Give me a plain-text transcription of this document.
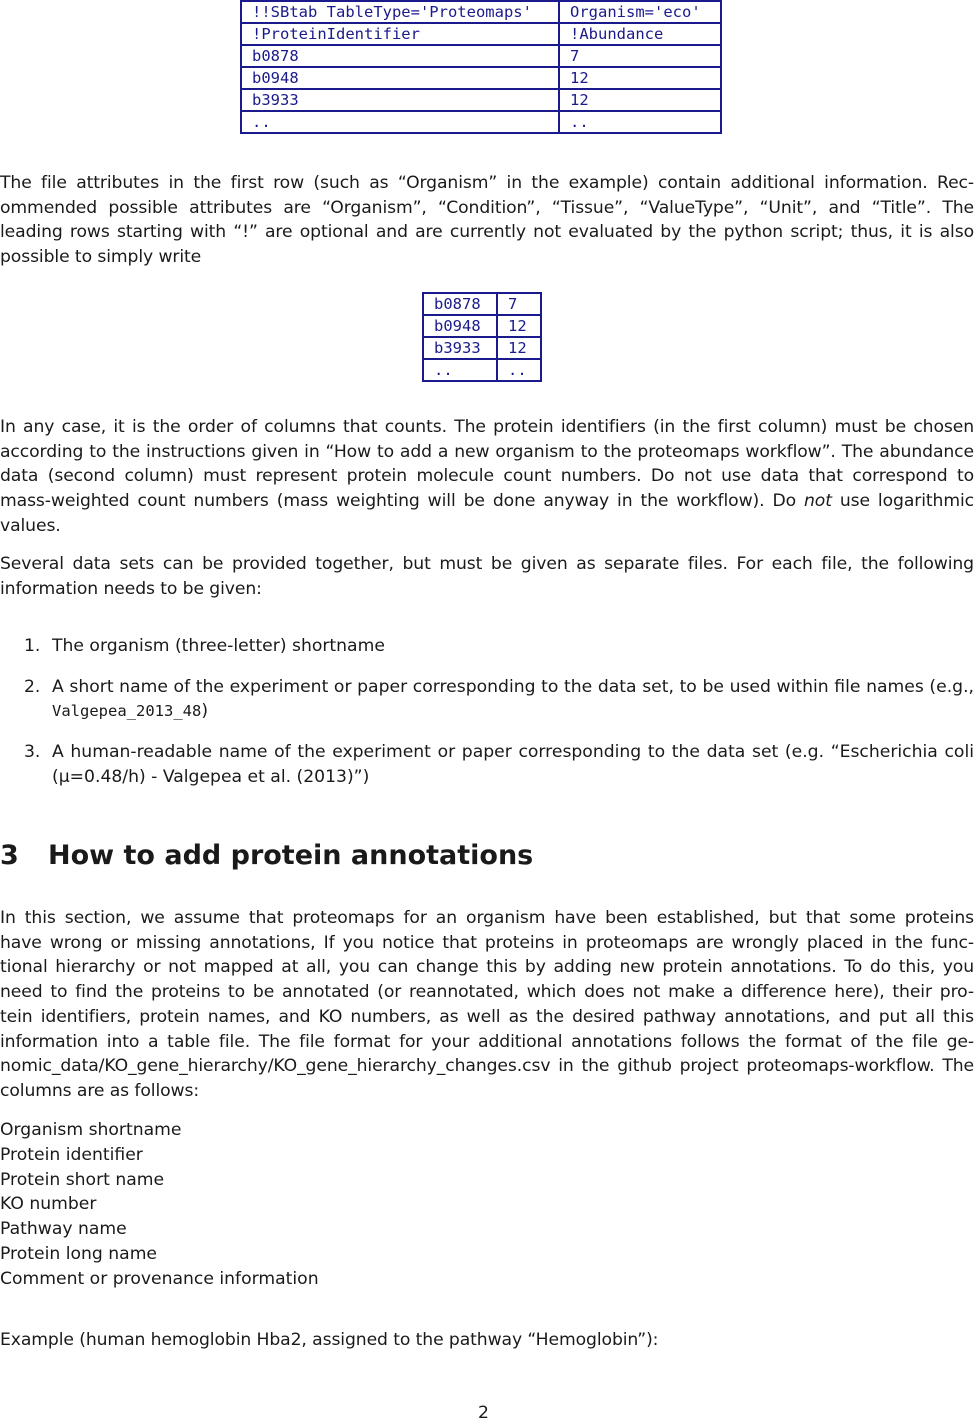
!!SBtab TableType='Proteomaps'	Organism='eco'
!ProteinIdentifier	!Abundance
b0878	7
b0948	12
b3933	12
..	..
The file attributes in the first row (such as “Organism” in the example) contain additional information. Rec-
ommended possible attributes are “Organism”, “Condition”, “Tissue”, “ValueType”, “Unit”, and “Title”. The
leading rows starting with “!” are optional and are currently not evaluated by the python script; thus, it is also
possible to simply write
b0878	7
b0948	12
b3933	12
..	..
In any case, it is the order of columns that counts. The protein identifiers (in the first column) must be chosen
according to the instructions given in “How to add a new organism to the proteomaps workflow”. The abundance
data (second column) must represent protein molecule count numbers. Do not use data that correspond to
mass-weighted count numbers (mass weighting will be done anyway in the workflow). Do not use logarithmic
values.
Several data sets can be provided together, but must be given as separate files. For each file, the following
information needs to be given:
1. The organism (three-letter) shortname
2. A short name of the experiment or paper corresponding to the data set, to be used within file names (e.g.,
Valgepea_2013_48)
3. A human-readable name of the experiment or paper corresponding to the data set (e.g. “Escherichia coli
(μ=0.48/h) - Valgepea et al. (2013)”)
3 How to add protein annotations
In this section, we assume that proteomaps for an organism have been established, but that some proteins
have wrong or missing annotations, If you notice that proteins in proteomaps are wrongly placed in the func-
tional hierarchy or not mapped at all, you can change this by adding new protein annotations. To do this, you
need to find the proteins to be annotated (or reannotated, which does not make a difference here), their pro-
tein identifiers, protein names, and KO numbers, as well as the desired pathway annotations, and put all this
information into a table file. The file format for your additional annotations follows the format of the file ge-
nomic_data/KO_gene_hierarchy/KO_gene_hierarchy_changes.csv in the github project proteomaps-workflow. The
columns are as follows:
Organism shortname
Protein identifier
Protein short name
KO number
Pathway name
Protein long name
Comment or provenance information
Example (human hemoglobin Hba2, assigned to the pathway “Hemoglobin”):
2
